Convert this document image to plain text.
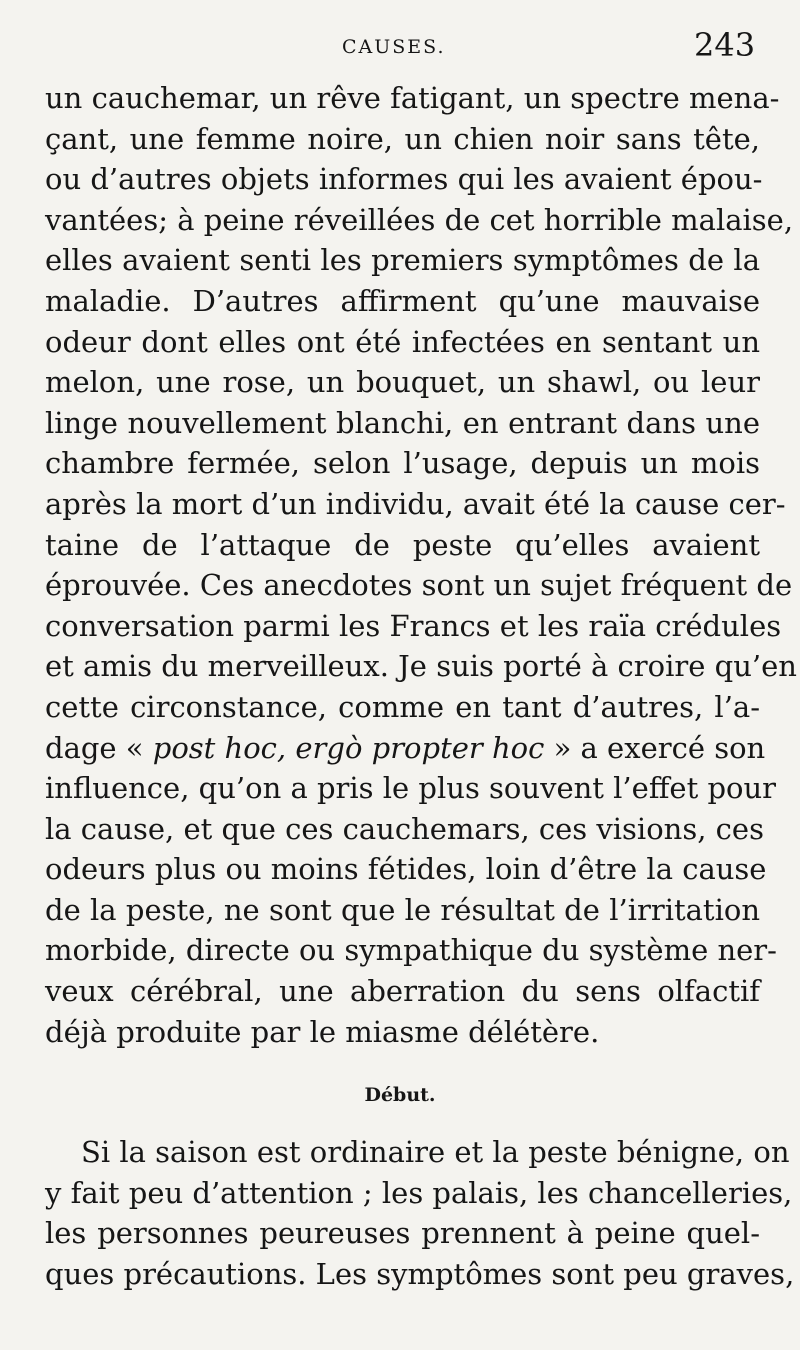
CAUSES.	243
un cauchemar, un rêve fatigant, un spectre mena-
çant, une femme noire, un chien noir sans tête,
ou d’autres objets informes qui les avaient épou-
vantées; à peine réveillées de cet horrible malaise,
elles avaient senti les premiers symptômes de la
maladie. D’autres affirment qu’une mauvaise
odeur dont elles ont été infectées en sentant un
melon, une rose, un bouquet, un shawl, ou leur
linge nouvellement blanchi, en entrant dans une
chambre fermée, selon l’usage, depuis un mois
après la mort d’un individu, avait été la cause cer-
taine de l’attaque de peste qu’elles avaient
éprouvée. Ces anecdotes sont un sujet fréquent de
conversation parmi les Francs et les raïa crédules
et amis du merveilleux. Je suis porté à croire qu’en
cette circonstance, comme en tant d’autres, l’a-
dage « post hoc, ergò propter hoc » a exercé son
influence, qu’on a pris le plus souvent l’effet pour
la cause, et que ces cauchemars, ces visions, ces
odeurs plus ou moins fétides, loin d’être la cause
de la peste, ne sont que le résultat de l’irritation
morbide, directe ou sympathique du système ner-
veux cérébral, une aberration du sens olfactif
déjà produite par le miasme délétère.
Début.
Si la saison est ordinaire et la peste bénigne, on
y fait peu d’attention ; les palais, les chancelleries,
les personnes peureuses prennent à peine quel-
ques précautions. Les symptômes sont peu graves,
